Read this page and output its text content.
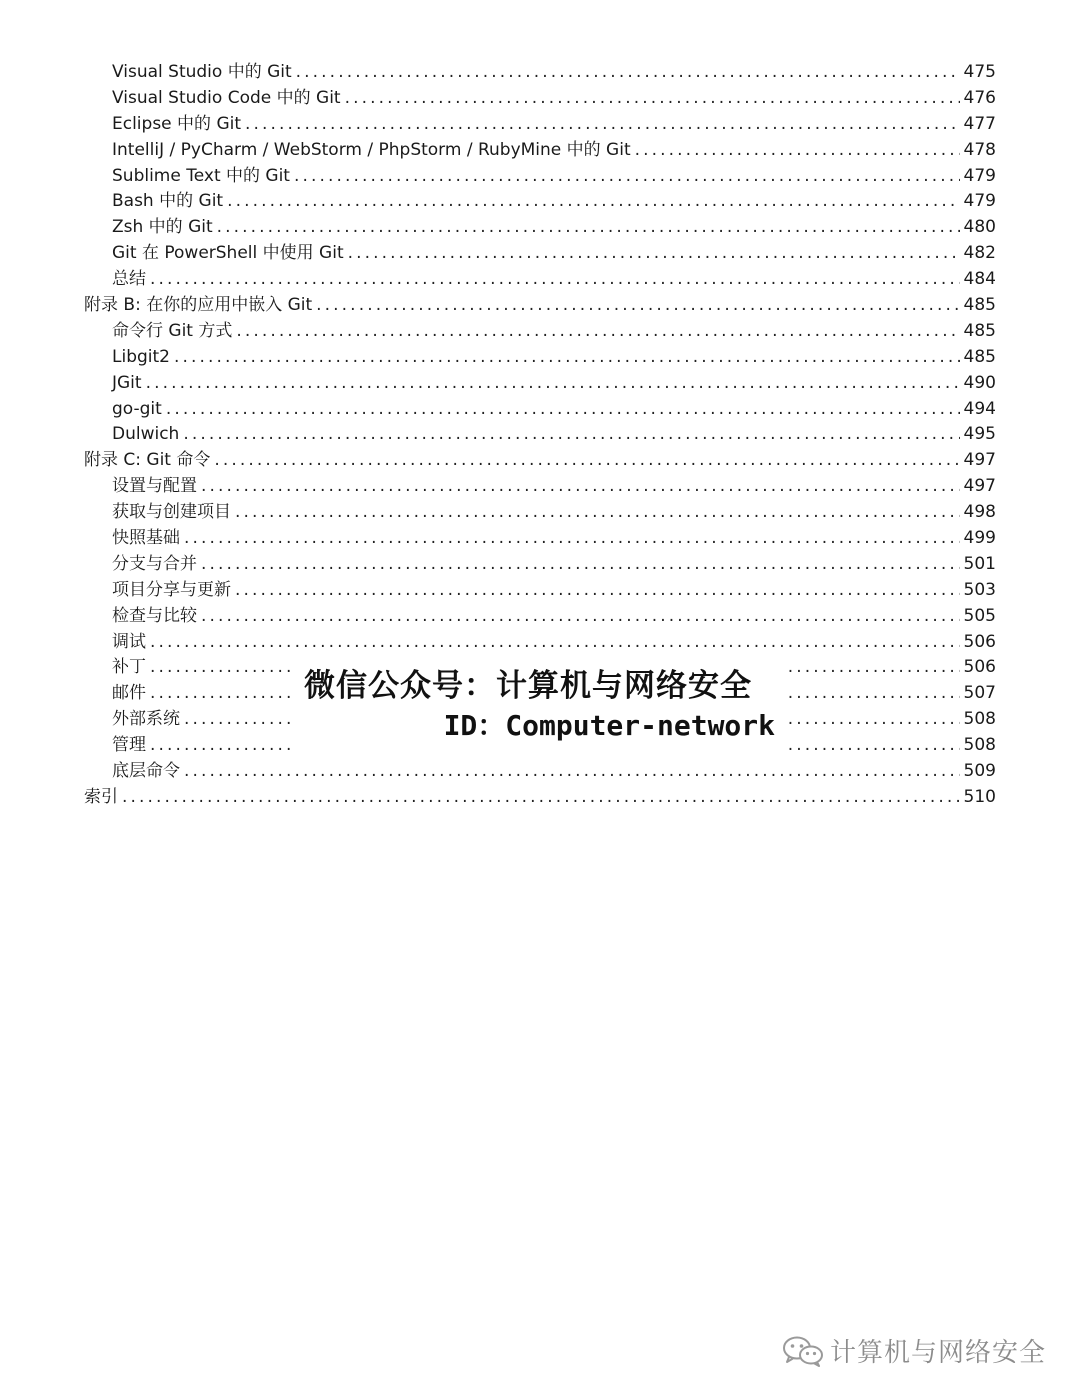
Visual Studio 中的 Git .....	475
Visual Studio Code 中的 Git .....	476
Eclipse 中的 Git .....	477
IntelliJ / PyCharm / WebStorm / PhpStorm / RubyMine 中的 Git .....	478
Sublime Text 中的 Git .....	479
Bash 中的 Git .....	479
Zsh 中的 Git .....	480
Git 在 PowerShell 中使用 Git .....	482
总结 .....	484
附录 B: 在你的应用中嵌入 Git .....	485
命令行 Git 方式 .....	485
Libgit2 .....	485
JGit .....	490
go-git .....	494
Dulwich .....	495
附录 C: Git 命令 .....	497
设置与配置 .....	497
获取与创建项目 .....	498
快照基础 .....	499
分支与合并 .....	501
项目分享与更新 .....	503
检查与比较 .....	505
调试 .....	506
补丁 .....	506
邮件 .....	507
外部系统 .....	508
管理 .....	508
底层命令 .....	509
索引 .....	510
微信公众号：计算机与网络安全
ID：Computer-network
计算机与网络安全
